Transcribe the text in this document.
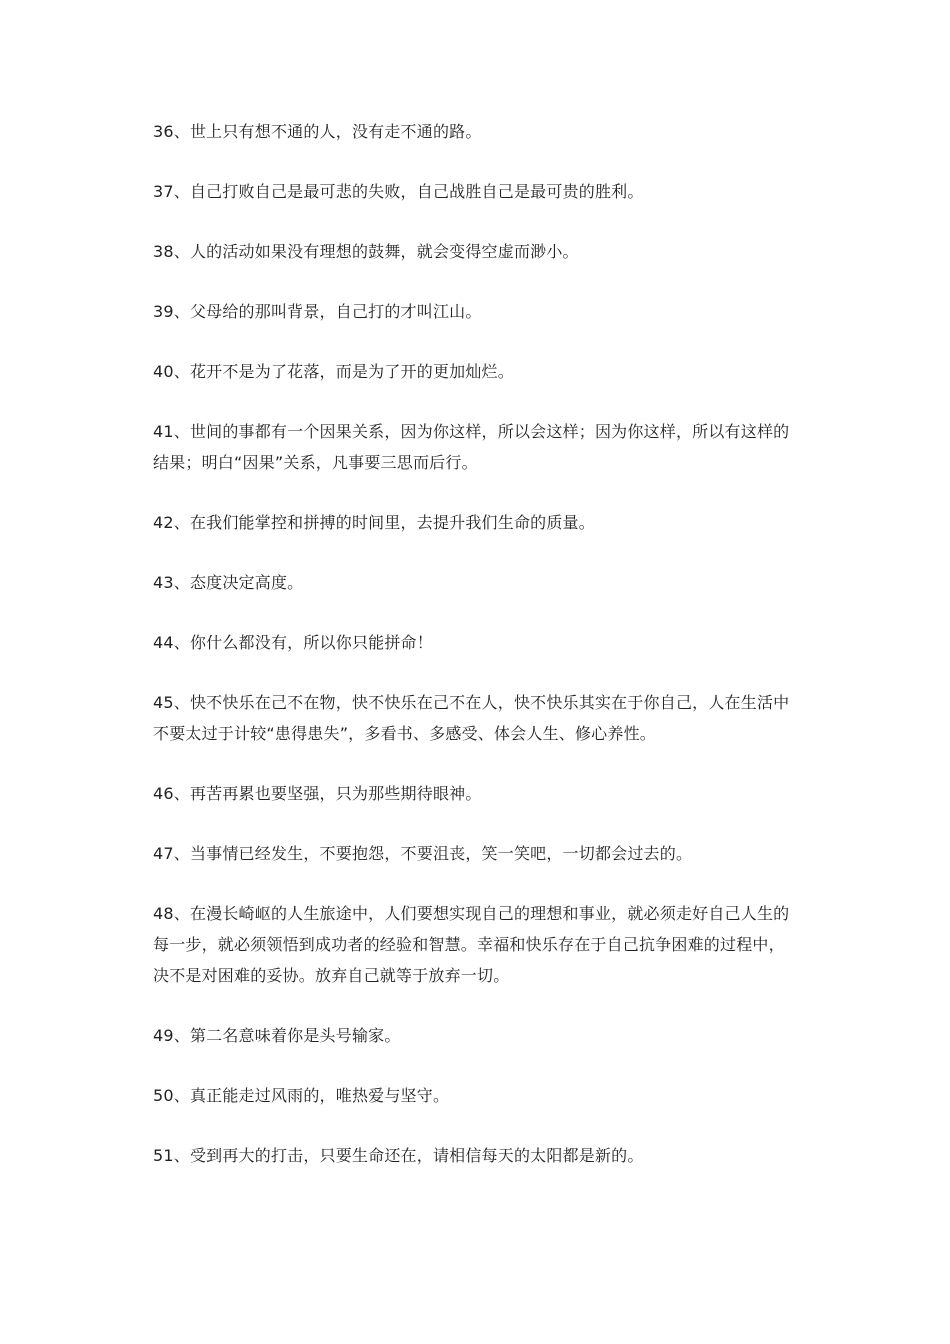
36、世上只有想不通的人，没有走不通的路。

37、自己打败自己是最可悲的失败，自己战胜自己是最可贵的胜利。

38、人的活动如果没有理想的鼓舞，就会变得空虚而渺小。

39、父母给的那叫背景，自己打的才叫江山。

40、花开不是为了花落，而是为了开的更加灿烂。

41、世间的事都有一个因果关系，因为你这样，所以会这样；因为你这样，所以有这样的结果；明白“因果”关系，凡事要三思而后行。

42、在我们能掌控和拼搏的时间里，去提升我们生命的质量。

43、态度决定高度。

44、你什么都没有，所以你只能拼命！

45、快不快乐在己不在物，快不快乐在己不在人，快不快乐其实在于你自己，人在生活中不要太过于计较“患得患失”，多看书、多感受、体会人生、修心养性。

46、再苦再累也要坚强，只为那些期待眼神。

47、当事情已经发生，不要抱怨，不要沮丧，笑一笑吧，一切都会过去的。

48、在漫长崎岖的人生旅途中，人们要想实现自己的理想和事业，就必须走好自己人生的每一步，就必须领悟到成功者的经验和智慧。幸福和快乐存在于自己抗争困难的过程中，决不是对困难的妥协。放弃自己就等于放弃一切。

49、第二名意味着你是头号输家。

50、真正能走过风雨的，唯热爱与坚守。

51、受到再大的打击，只要生命还在，请相信每天的太阳都是新的。
